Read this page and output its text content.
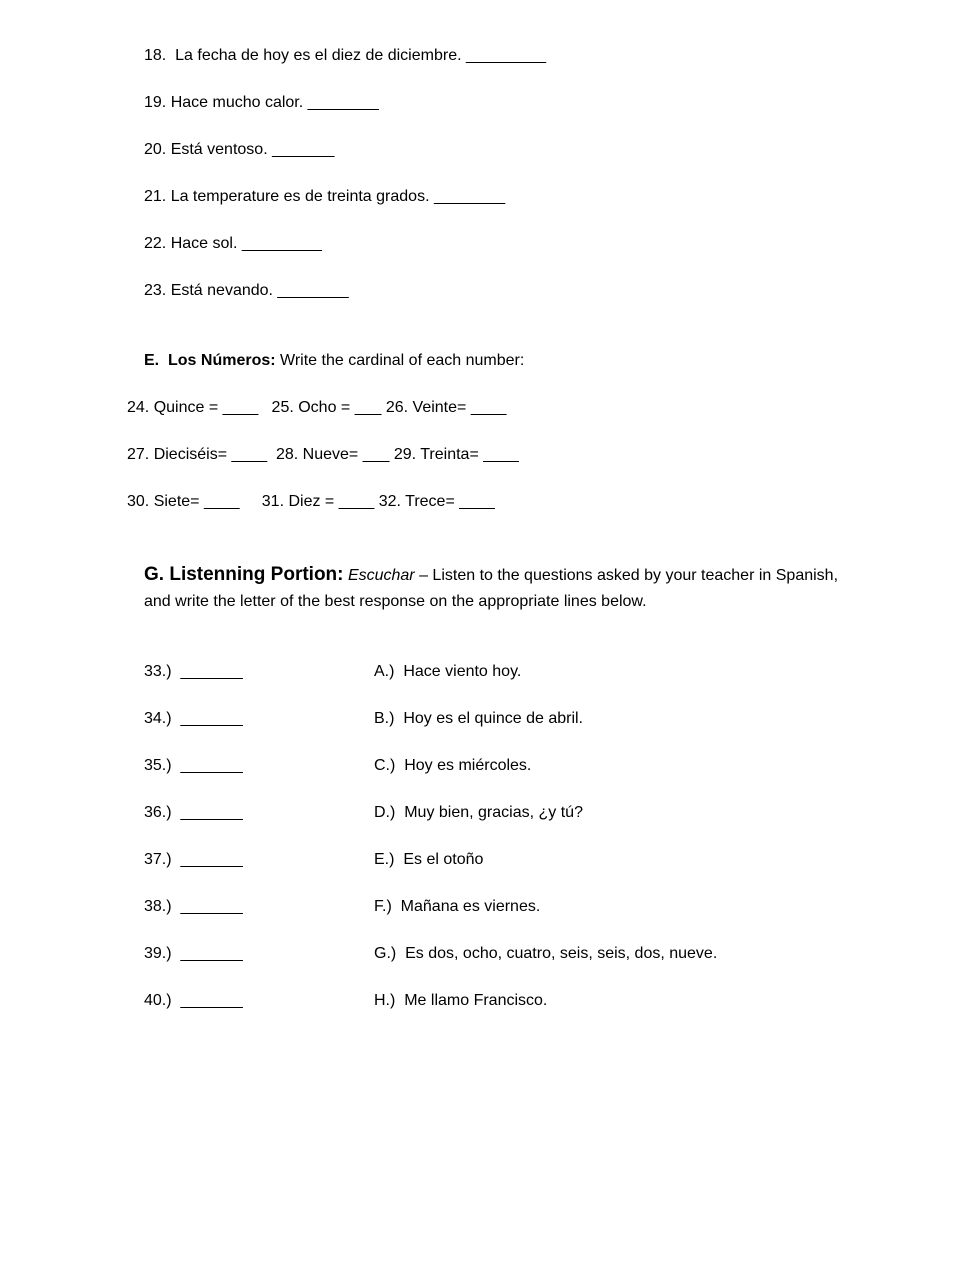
18.  La fecha de hoy es el diez de diciembre. _________
19. Hace mucho calor. ________
20. Está ventoso. _______
21. La temperature es de treinta grados. ________
22. Hace sol. _________
23. Está nevando. ________
E.  Los Números: Write the cardinal of each number:
24. Quince = ____   25. Ocho = ___ 26. Veinte= ____
27. Dieciséis= ____  28. Nueve= ___ 29. Treinta= ____
30. Siete= ____     31. Diez = ____ 32. Trece= ____
G. Listenning Portion: Escuchar – Listen to the questions asked by your teacher in Spanish,
and write the letter of the best response on the appropriate lines below.
33.)  _______	A.)  Hace viento hoy.
34.)  _______	B.)  Hoy es el quince de abril.
35.)  _______	C.)  Hoy es miércoles.
36.)  _______	D.)  Muy bien, gracias, ¿y tú?
37.)  _______	E.)  Es el otoño
38.)  _______	F.)  Mañana es viernes.
39.)  _______	G.)  Es dos, ocho, cuatro, seis, seis, dos, nueve.
40.)  _______	H.)  Me llamo Francisco.
